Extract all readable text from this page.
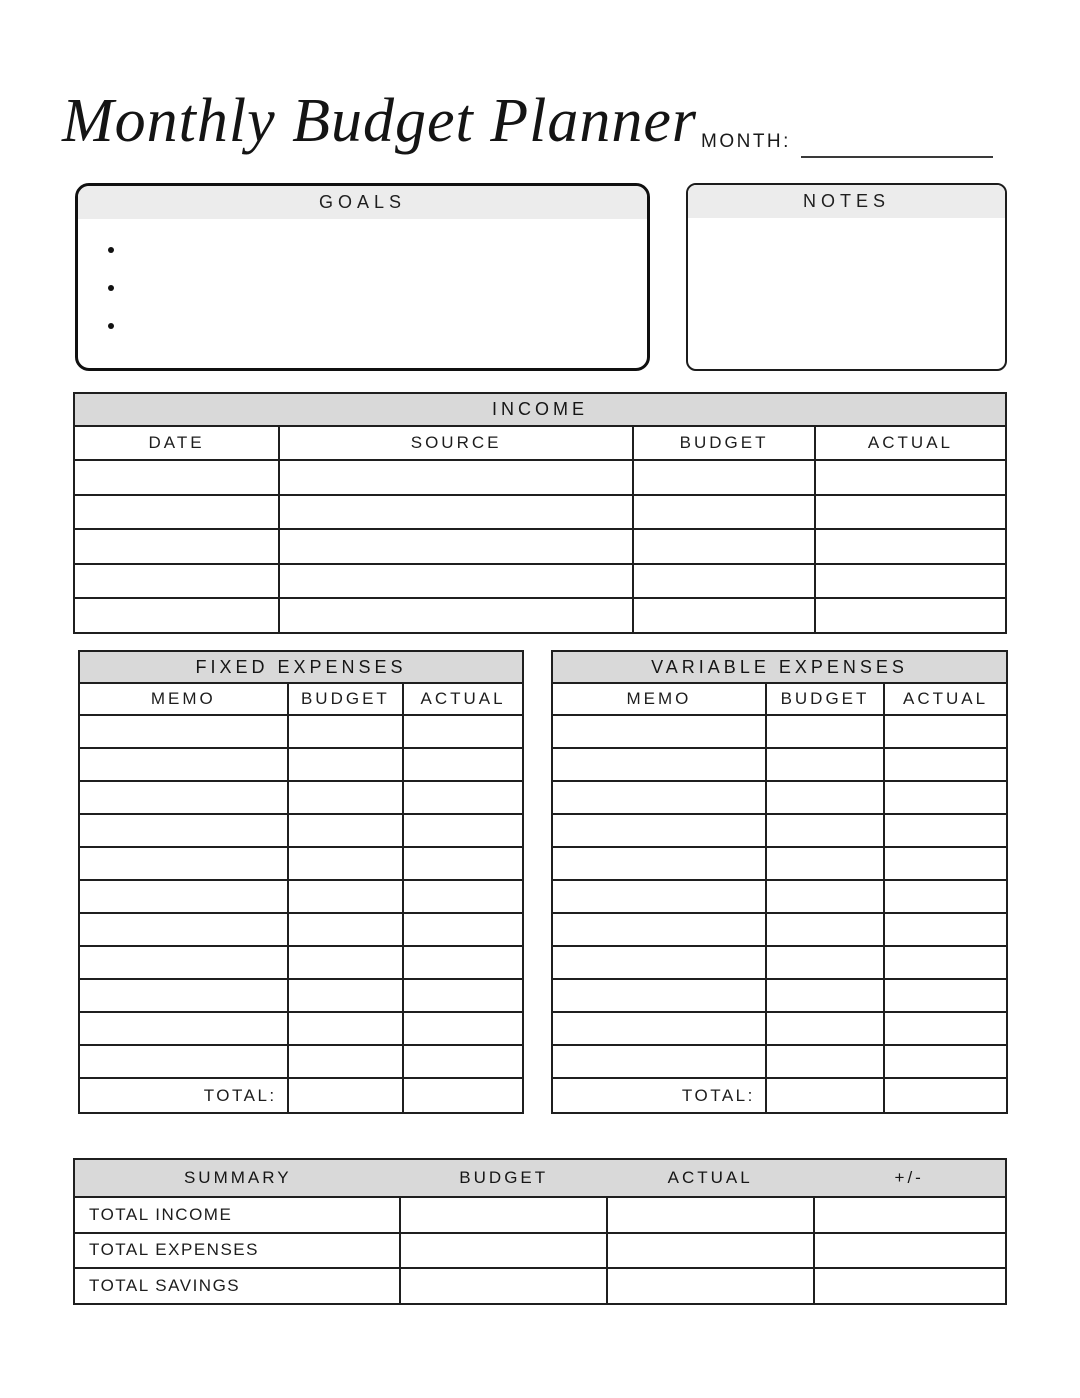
Monthly Budget Planner MONTH:
GOALS	NOTES
INCOME			
DATE	SOURCE	BUDGET	ACTUAL

FIXED EXPENSES		
MEMO	BUDGET	ACTUAL

TOTAL:		
VARIABLE EXPENSES		
MEMO	BUDGET	ACTUAL

TOTAL:		
SUMMARY BUDGET ACTUAL +/-			

TOTAL INCOME			
TOTAL EXPENSES			
TOTAL SAVINGS			
